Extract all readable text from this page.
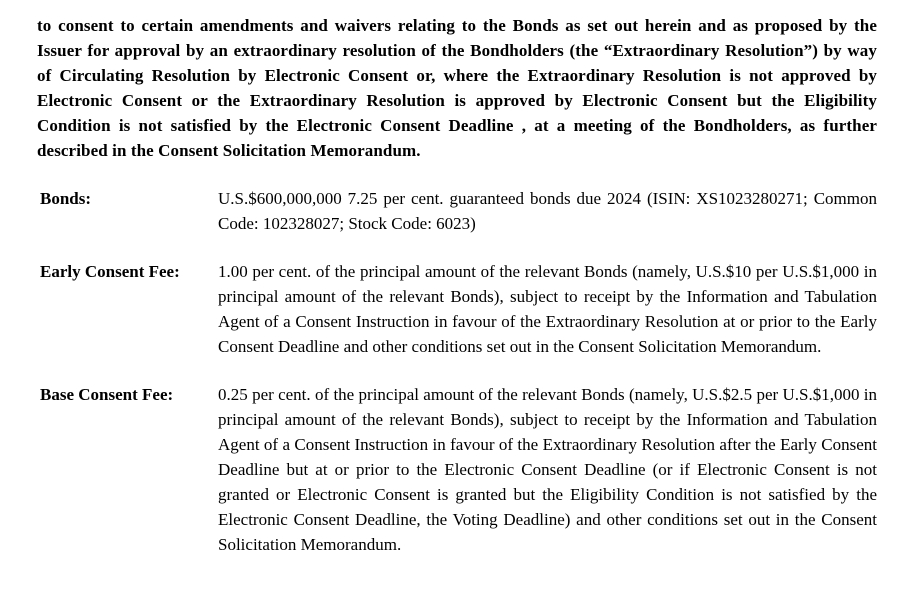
to consent to certain amendments and waivers relating to the Bonds as set out herein and as proposed by the Issuer for approval by an extraordinary resolution of the Bondholders (the “Extraordinary Resolution”) by way of Circulating Resolution by Electronic Consent or, where the Extraordinary Resolution is not approved by Electronic Consent or the Extraordinary Resolution is approved by Electronic Consent but the Eligibility Condition is not satisfied by the Electronic Consent Deadline , at a meeting of the Bondholders, as further described in the Consent Solicitation Memorandum.

Bonds:	U.S.$600,000,000 7.25 per cent. guaranteed bonds due 2024 (ISIN: XS1023280271; Common Code: 102328027; Stock Code: 6023)
Early Consent Fee:	1.00 per cent. of the principal amount of the relevant Bonds (namely, U.S.$10 per U.S.$1,000 in principal amount of the relevant Bonds), subject to receipt by the Information and Tabulation Agent of a Consent Instruction in favour of the Extraordinary Resolution at or prior to the Early Consent Deadline and other conditions set out in the Consent Solicitation Memorandum.
Base Consent Fee:	0.25 per cent. of the principal amount of the relevant Bonds (namely, U.S.$2.5 per U.S.$1,000 in principal amount of the relevant Bonds), subject to receipt by the Information and Tabulation Agent of a Consent Instruction in favour of the Extraordinary Resolution after the Early Consent Deadline but at or prior to the Electronic Consent Deadline (or if Electronic Consent is not granted or Electronic Consent is granted but the Eligibility Condition is not satisfied by the Electronic Consent Deadline, the Voting Deadline) and other conditions set out in the Consent Solicitation Memorandum.
